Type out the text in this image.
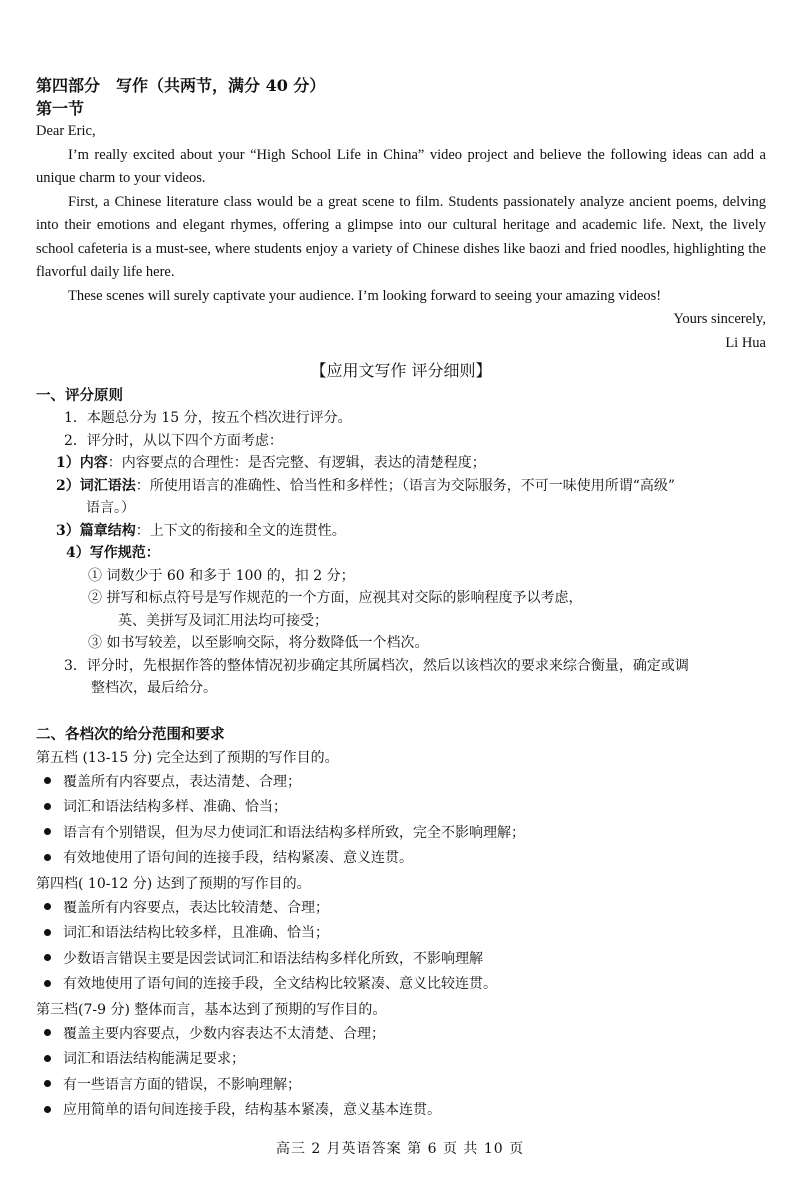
第四部分　写作（共两节，满分 40 分）

第一节

Dear Eric,

I’m really excited about your “High School Life in China” video project and believe the following ideas can add a unique charm to your videos.

First, a Chinese literature class would be a great scene to film. Students passionately analyze ancient poems, delving into their emotions and elegant rhymes, offering a glimpse into our cultural heritage and academic life. Next, the lively school cafeteria is a must-see, where students enjoy a variety of Chinese dishes like baozi and fried noodles, highlighting the flavorful daily life here.

These scenes will surely captivate your audience. I’m looking forward to seeing your amazing videos!

Yours sincerely,

Li Hua

【应用文写作 评分细则】

一、评分原则

1．本题总分为 15 分，按五个档次进行评分。

2．评分时，从以下四个方面考虑：

1）内容：内容要点的合理性：是否完整、有逻辑，表达的清楚程度；

2）词汇语法：所使用语言的准确性、恰当性和多样性；（语言为交际服务，不可一味使用所谓“高级”

语言。）

3）篇章结构：上下文的衔接和全文的连贯性。

4）写作规范：

① 词数少于 60 和多于 100 的，扣 2 分；

② 拼写和标点符号是写作规范的一个方面，应视其对交际的影响程度予以考虑，

英、美拼写及词汇用法均可接受；

③ 如书写较差，以至影响交际，将分数降低一个档次。

3．评分时，先根据作答的整体情况初步确定其所属档次，然后以该档次的要求来综合衡量，确定或调

整档次，最后给分。

二、各档次的给分范围和要求

第五档 (13-15 分) 完全达到了预期的写作目的。

覆盖所有内容要点，表达清楚、合理；

词汇和语法结构多样、准确、恰当；

语言有个别错误，但为尽力使词汇和语法结构多样所致，完全不影响理解；

有效地使用了语句间的连接手段，结构紧凑、意义连贯。

第四档( 10-12 分) 达到了预期的写作目的。

覆盖所有内容要点，表达比较清楚、合理；

词汇和语法结构比较多样，且准确、恰当；

少数语言错误主要是因尝试词汇和语法结构多样化所致，不影响理解

有效地使用了语句间的连接手段，全文结构比较紧凑、意义比较连贯。

第三档(7-9 分) 整体而言，基本达到了预期的写作目的。

覆盖主要内容要点，少数内容表达不太清楚、合理；

词汇和语法结构能满足要求；

有一些语言方面的错误，不影响理解；

应用简单的语句间连接手段，结构基本紧凑，意义基本连贯。

高三 2 月英语答案 第 6 页 共 10 页
